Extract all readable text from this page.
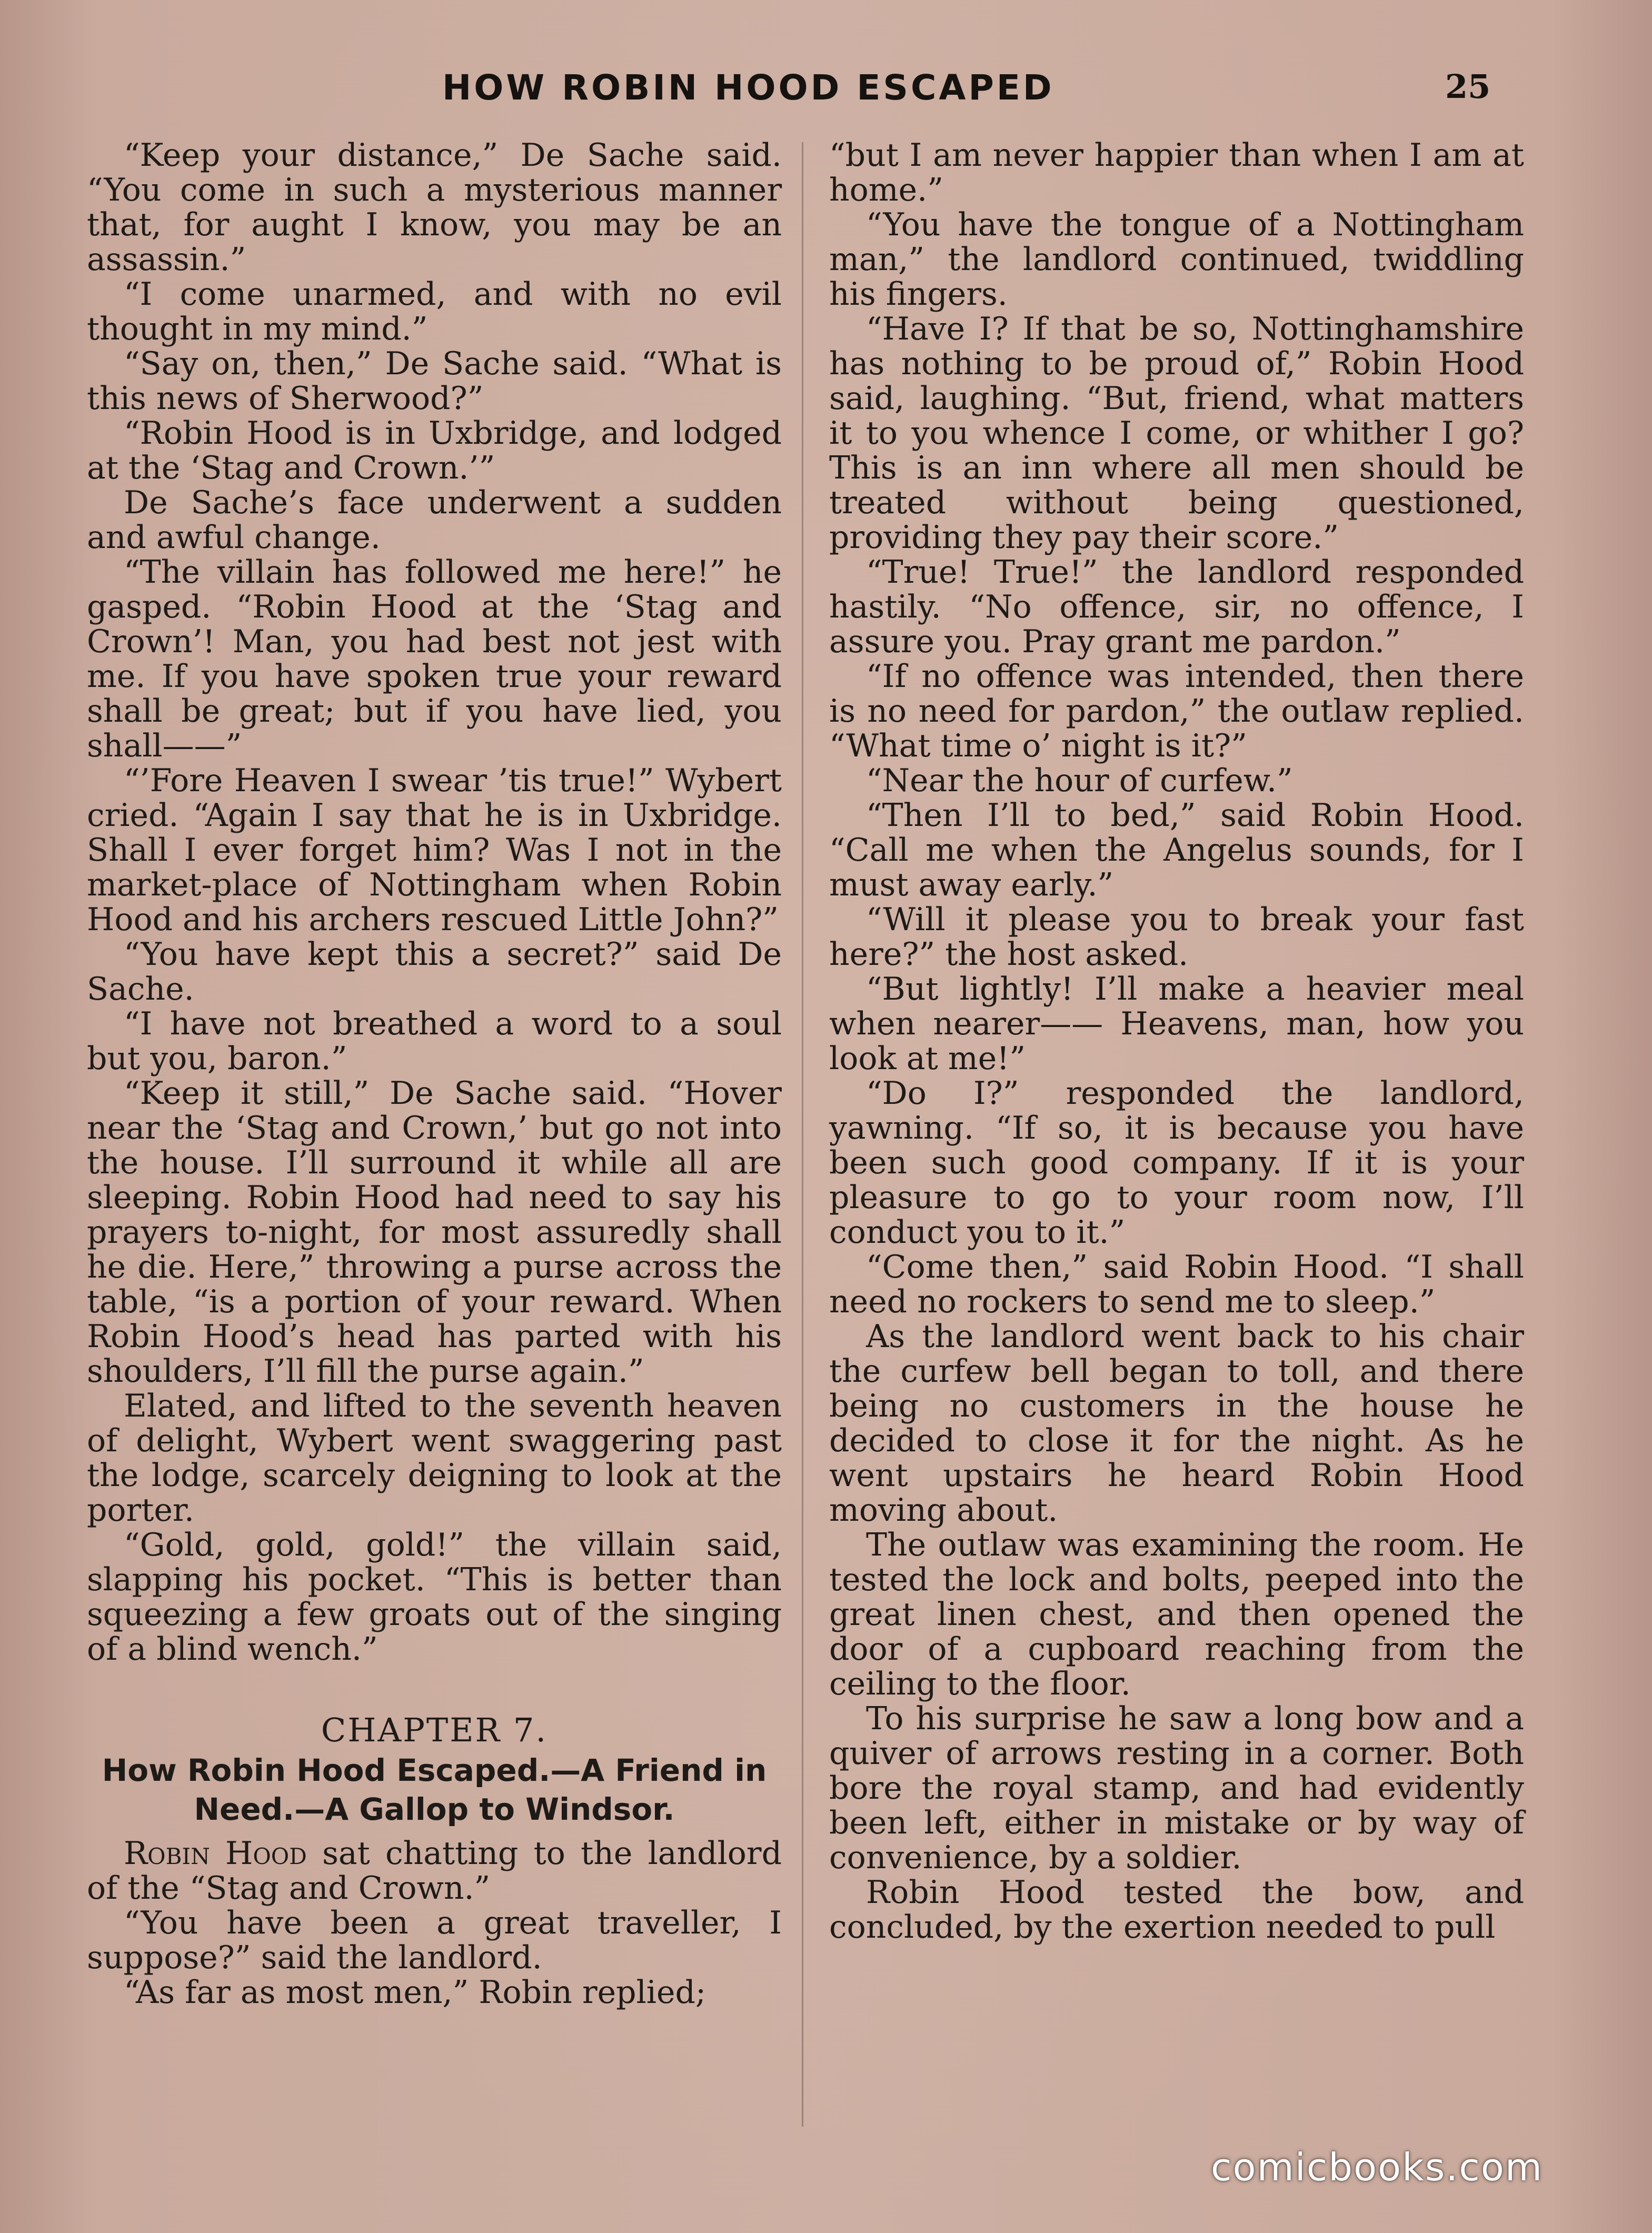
HOW ROBIN HOOD ESCAPED	25

“Keep your distance,” De Sache said. “You come in such a mysterious manner that, for aught I know, you may be an assassin.”

“I come unarmed, and with no evil thought in my mind.”

“Say on, then,” De Sache said. “What is this news of Sherwood?”

“Robin Hood is in Uxbridge, and lodged at the ‘Stag and Crown.’”

De Sache’s face underwent a sudden and awful change.

“The villain has followed me here!” he gasped. “Robin Hood at the ‘Stag and Crown’! Man, you had best not jest with me. If you have spoken true your reward shall be great; but if you have lied, you shall——”

“’Fore Heaven I swear ’tis true!” Wybert cried. “Again I say that he is in Uxbridge. Shall I ever forget him? Was I not in the market-place of Nottingham when Robin Hood and his archers rescued Little John?”

“You have kept this a secret?” said De Sache.

“I have not breathed a word to a soul but you, baron.”

“Keep it still,” De Sache said. “Hover near the ‘Stag and Crown,’ but go not into the house. I’ll surround it while all are sleeping. Robin Hood had need to say his prayers to-night, for most assuredly shall he die. Here,” throwing a purse across the table, “is a portion of your reward. When Robin Hood’s head has parted with his shoulders, I’ll fill the purse again.”

Elated, and lifted to the seventh heaven of delight, Wybert went swaggering past the lodge, scarcely deigning to look at the porter.

“Gold, gold, gold!” the villain said, slapping his pocket. “This is better than squeezing a few groats out of the singing of a blind wench.”

CHAPTER 7.
How Robin Hood Escaped.—A Friend in Need.—A Gallop to Windsor.

Robin Hood sat chatting to the landlord of the “Stag and Crown.”

“You have been a great traveller, I suppose?” said the landlord.

“As far as most men,” Robin replied;

“but I am never happier than when I am at home.”

“You have the tongue of a Nottingham man,” the landlord continued, twiddling his fingers.

“Have I? If that be so, Nottinghamshire has nothing to be proud of,” Robin Hood said, laughing. “But, friend, what matters it to you whence I come, or whither I go? This is an inn where all men should be treated without being questioned, providing they pay their score.”

“True! True!” the landlord responded hastily. “No offence, sir, no offence, I assure you. Pray grant me pardon.”

“If no offence was intended, then there is no need for pardon,” the outlaw replied. “What time o’ night is it?”

“Near the hour of curfew.”

“Then I’ll to bed,” said Robin Hood. “Call me when the Angelus sounds, for I must away early.”

“Will it please you to break your fast here?” the host asked.

“But lightly! I’ll make a heavier meal when nearer—— Heavens, man, how you look at me!”

“Do I?” responded the landlord, yawning. “If so, it is because you have been such good company. If it is your pleasure to go to your room now, I’ll conduct you to it.”

“Come then,” said Robin Hood. “I shall need no rockers to send me to sleep.”

As the landlord went back to his chair the curfew bell began to toll, and there being no customers in the house he decided to close it for the night. As he went upstairs he heard Robin Hood moving about.

The outlaw was examining the room. He tested the lock and bolts, peeped into the great linen chest, and then opened the door of a cupboard reaching from the ceiling to the floor.

To his surprise he saw a long bow and a quiver of arrows resting in a corner. Both bore the royal stamp, and had evidently been left, either in mistake or by way of convenience, by a soldier.

Robin Hood tested the bow, and concluded, by the exertion needed to pull

comicbooks.com
